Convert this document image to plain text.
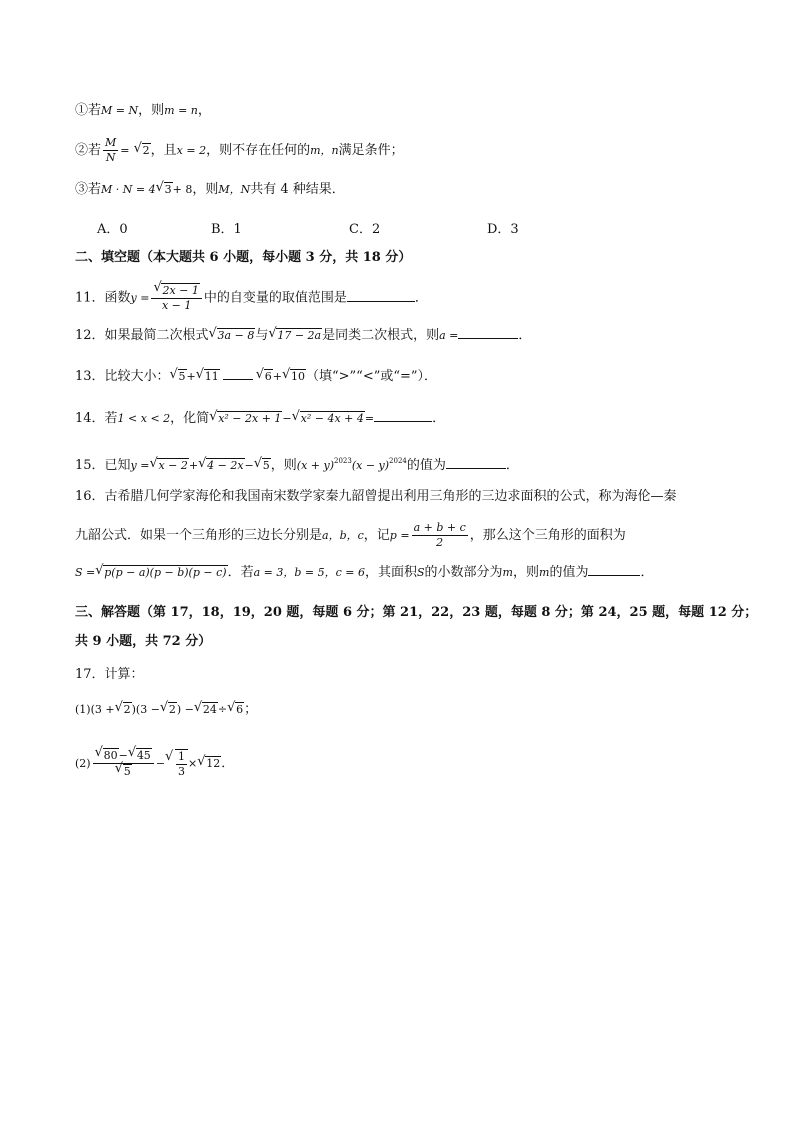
①若M = N，则m = n，
②若 $\frac{M}{N}$ = √ 2，且x = 2，则不存在任何的m，n满足条件；
③若M · N = 4 √ 3+ 8，则M，N共有 4 种结果．
A．0	B．1	C．2	D．3
二、填空题（本大题共 6 小题，每小题 3 分，共 18 分）
11．函数y = √ $\frac{2x - 1}{x - 1}$ 中的自变量的取值范围是	．
12．如果最简二次根式 √ 3a − 8与 √ 17 − 2a是同类二次根式，则a =	．
13．比较大小： √ 5+ √ 11	√ 6+ √ 10（填“>”“<”或“=”）．
14．若1 < x < 2，化简 √ x² − 2x + 1− √ x² − 4x + 4=	．
15．已知y = √ x − 2+ √ 4 − 2x− √ 5，则$(x + y)^{2023}(x - y)^{2024}$的值为	．
16．古希腊几何学家海伦和我国南宋数学家秦九韶曾提出利用三角形的三边求面积的公式，称为海伦—秦
九韶公式．如果一个三角形的三边长分别是a，b，c，记$p = \frac{a + b + c}{2}$ ，那么这个三角形的面积为
S = √ p(p − a)(p − b)(p − c)．若a = 3，b = 5，c = 6，其面积S的小数部分为m，则m的值为	．
三、解答题（第 17，18，19，20 题，每题 6 分；第 21，22，23 题，每题 8 分；第 24，25 题，每题 12 分；
共 9 小题，共 72 分）
17．计算：
(1)(3 + √ 2)(3 − √ 2) − √ 24÷ √ 6；
(2) √ 80− √ 45
√ 5 − √ $\frac{1}{3}$ × √ 12．
